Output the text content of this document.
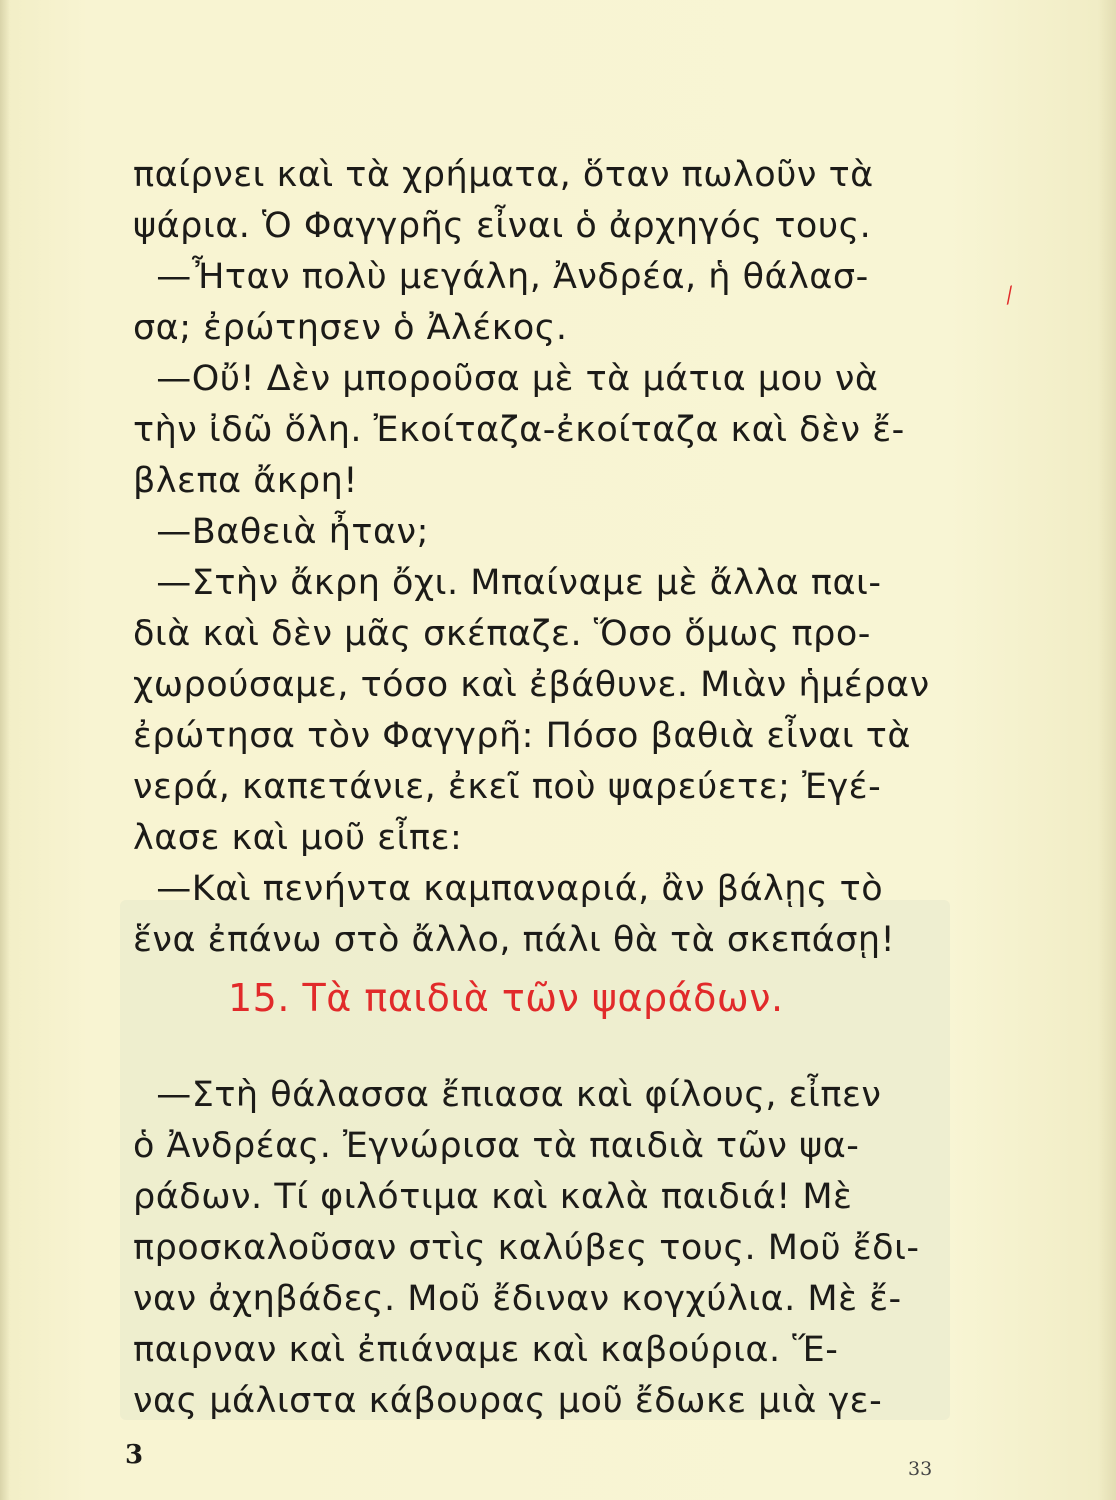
παίρνει καὶ τὰ χρήματα, ὅταν πωλοῦν τὰ
ψάρια. Ὁ Φαγγρῆς εἶναι ὁ ἀρχηγός τους.
—Ἦταν πολὺ μεγάλη, Ἀνδρέα, ἡ θάλασ-
σα; ἐρώτησεν ὁ Ἀλέκος.
—Οὔ! Δὲν μποροῦσα μὲ τὰ μάτια μου νὰ
τὴν ἰδῶ ὅλη. Ἐκοίταζα-ἐκοίταζα καὶ δὲν ἔ-
βλεπα ἄκρη!
—Βαθειὰ ἦταν;
—Στὴν ἄκρη ὄχι. Μπαίναμε μὲ ἄλλα παι-
διὰ καὶ δὲν μᾶς σκέπαζε. Ὅσο ὅμως προ-
χωρούσαμε, τόσο καὶ ἐβάθυνε. Μιὰν ἡμέραν
ἐρώτησα τὸν Φαγγρῆ: Πόσο βαθιὰ εἶναι τὰ
νερά, καπετάνιε, ἐκεῖ ποὺ ψαρεύετε; Ἐγέ-
λασε καὶ μοῦ εἶπε:
—Καὶ πενήντα καμπαναριά, ἂν βάλῃς τὸ
ἕνα ἐπάνω στὸ ἄλλο, πάλι θὰ τὰ σκεπάσῃ!
15. Τὰ παιδιὰ τῶν ψαράδων.
—Στὴ θάλασσα ἔπιασα καὶ φίλους, εἶπεν
ὁ Ἀνδρέας. Ἐγνώρισα τὰ παιδιὰ τῶν ψα-
ράδων. Τί φιλότιμα καὶ καλὰ παιδιά! Μὲ
προσκαλοῦσαν στὶς καλύβες τους. Μοῦ ἔδι-
ναν ἀχηβάδες. Μοῦ ἔδιναν κογχύλια. Μὲ ἔ-
παιρναν καὶ ἐπιάναμε καὶ καβούρια. Ἕ-
νας μάλιστα κάβουρας μοῦ ἔδωκε μιὰ γε-
⁄
3	33
